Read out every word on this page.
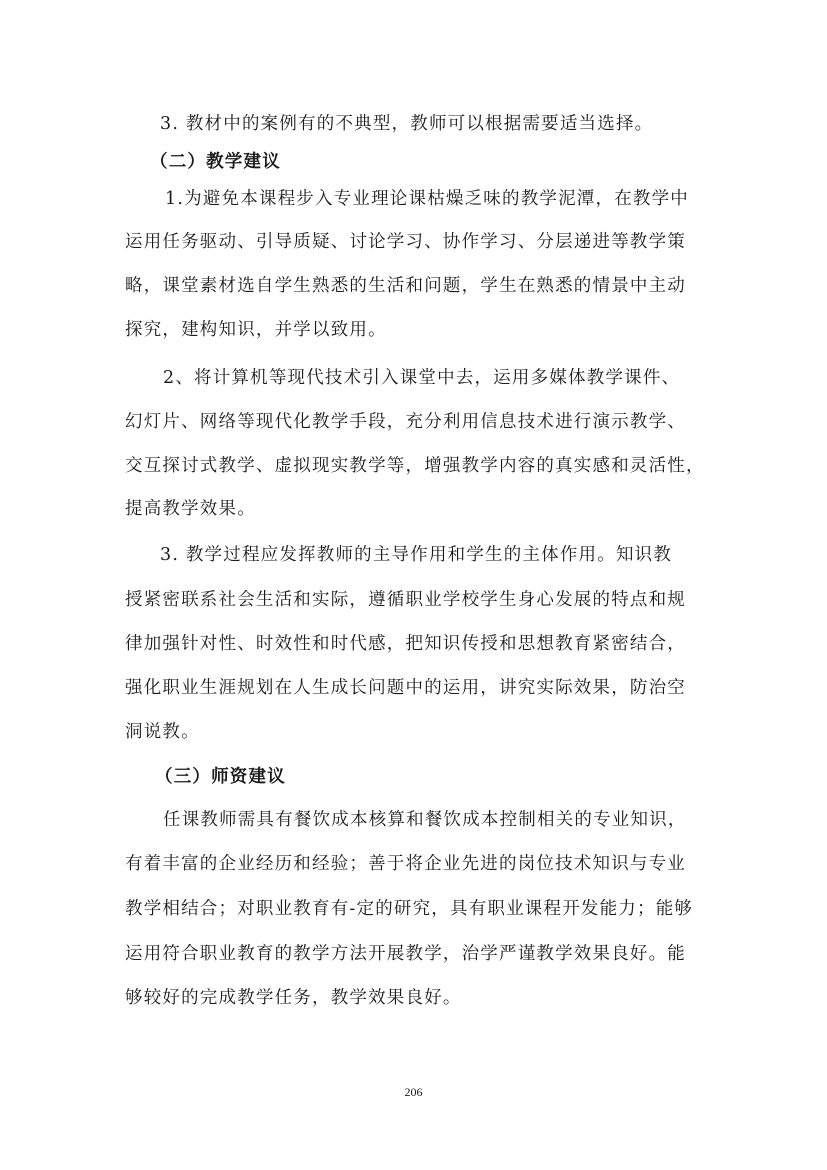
3. 教材中的案例有的不典型，教师可以根据需要适当选择。
（二）教学建议
1.为避免本课程步入专业理论课枯燥乏味的教学泥潭，在教学中
运用任务驱动、引导质疑、讨论学习、协作学习、分层递进等教学策
略，课堂素材选自学生熟悉的生活和问题，学生在熟悉的情景中主动
探究，建构知识，并学以致用。
2、将计算机等现代技术引入课堂中去，运用多媒体教学课件、
幻灯片、网络等现代化教学手段，充分利用信息技术进行演示教学、
交互探讨式教学、虚拟现实教学等，增强教学内容的真实感和灵活性，
提高教学效果。
3. 教学过程应发挥教师的主导作用和学生的主体作用。知识教
授紧密联系社会生活和实际，遵循职业学校学生身心发展的特点和规
律加强针对性、时效性和时代感，把知识传授和思想教育紧密结合，
强化职业生涯规划在人生成长问题中的运用，讲究实际效果，防治空
洞说教。
（三）师资建议
任课教师需具有餐饮成本核算和餐饮成本控制相关的专业知识，
有着丰富的企业经历和经验；善于将企业先进的岗位技术知识与专业
教学相结合；对职业教育有-定的研究，具有职业课程开发能力；能够
运用符合职业教育的教学方法开展教学，治学严谨教学效果良好。能
够较好的完成教学任务，教学效果良好。
206
